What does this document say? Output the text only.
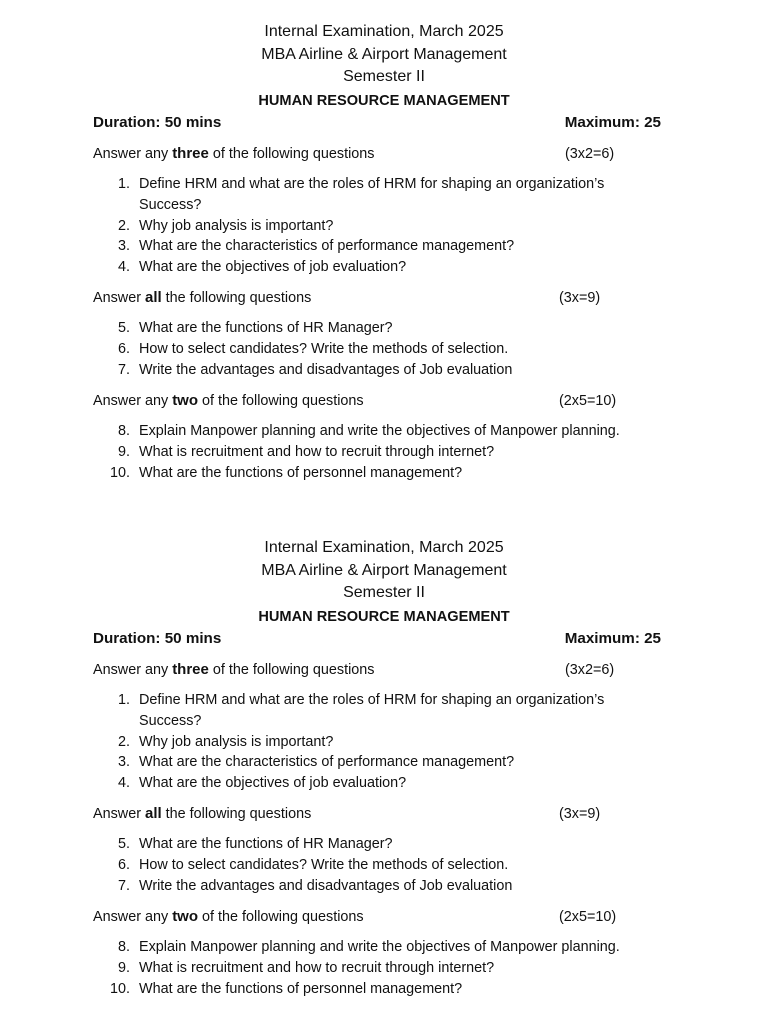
Internal Examination, March 2025
MBA Airline & Airport Management
Semester II
HUMAN RESOURCE MANAGEMENT
Duration: 50 mins	Maximum: 25
Answer any three of the following questions	(3x2=6)
1. Define HRM and what are the roles of HRM for shaping an organization’s Success?
2. Why job analysis is important?
3. What are the characteristics of performance management?
4. What are the objectives of job evaluation?
Answer all the following questions	(3x=9)
5. What are the functions of HR Manager?
6. How to select candidates? Write the methods of selection.
7. Write the advantages and disadvantages of Job evaluation
Answer any two of the following questions	(2x5=10)
8. Explain Manpower planning and write the objectives of Manpower planning.
9. What is recruitment and how to recruit through internet?
10. What are the functions of personnel management?
Internal Examination, March 2025
MBA Airline & Airport Management
Semester II
HUMAN RESOURCE MANAGEMENT
Duration: 50 mins	Maximum: 25
Answer any three of the following questions	(3x2=6)
1. Define HRM and what are the roles of HRM for shaping an organization’s Success?
2. Why job analysis is important?
3. What are the characteristics of performance management?
4. What are the objectives of job evaluation?
Answer all the following questions	(3x=9)
5. What are the functions of HR Manager?
6. How to select candidates? Write the methods of selection.
7. Write the advantages and disadvantages of Job evaluation
Answer any two of the following questions	(2x5=10)
8. Explain Manpower planning and write the objectives of Manpower planning.
9. What is recruitment and how to recruit through internet?
10. What are the functions of personnel management?
